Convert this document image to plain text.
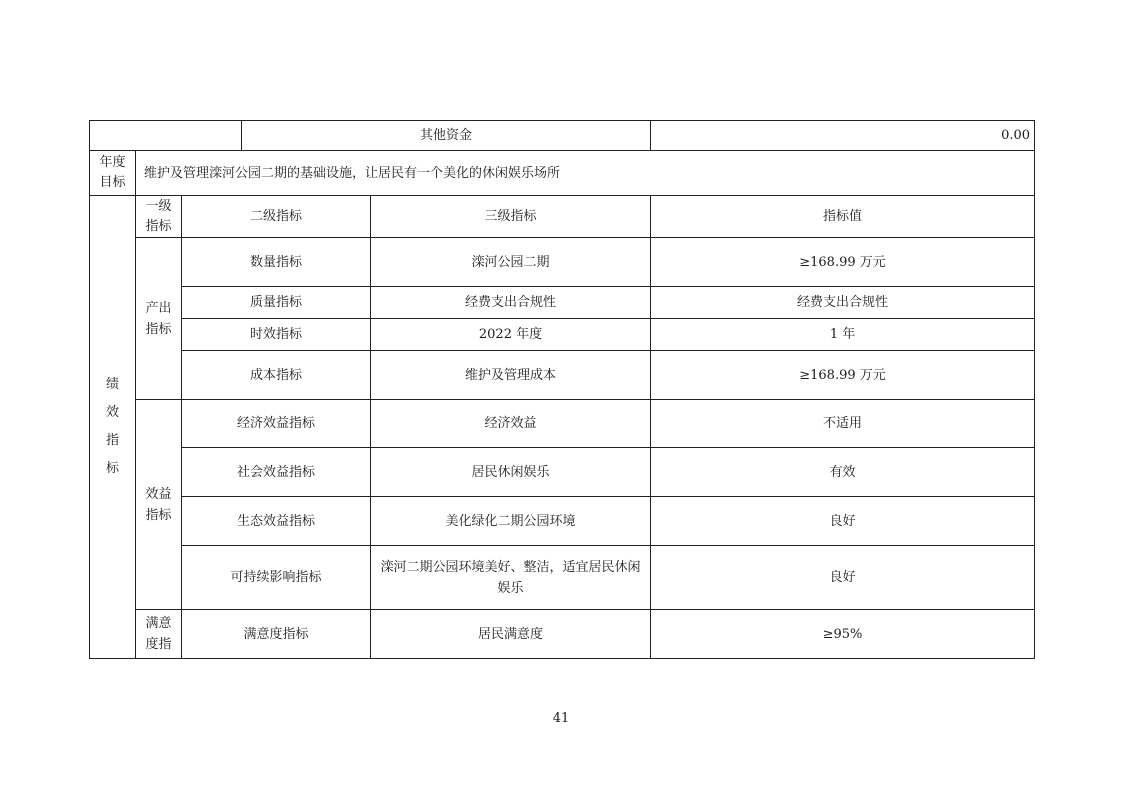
			其他资金		0.00
年度目标	维护及管理滦河公园二期的基础设施，让居民有一个美化的休闲娱乐场所				
绩效指标	一级指标	二级指标		三级指标	指标值
	产出指标	数量指标		滦河公园二期	≥168.99 万元
		质量指标		经费支出合规性	经费支出合规性
		时效指标		2022 年度	1 年
		成本指标		维护及管理成本	≥168.99 万元
	效益指标	经济效益指标		经济效益	不适用
		社会效益指标		居民休闲娱乐	有效
		生态效益指标		美化绿化二期公园环境	良好
		可持续影响指标		滦河二期公园环境美好、整洁，适宜居民休闲娱乐	良好
	满意度指	满意度指标		居民满意度	≥95%
41
